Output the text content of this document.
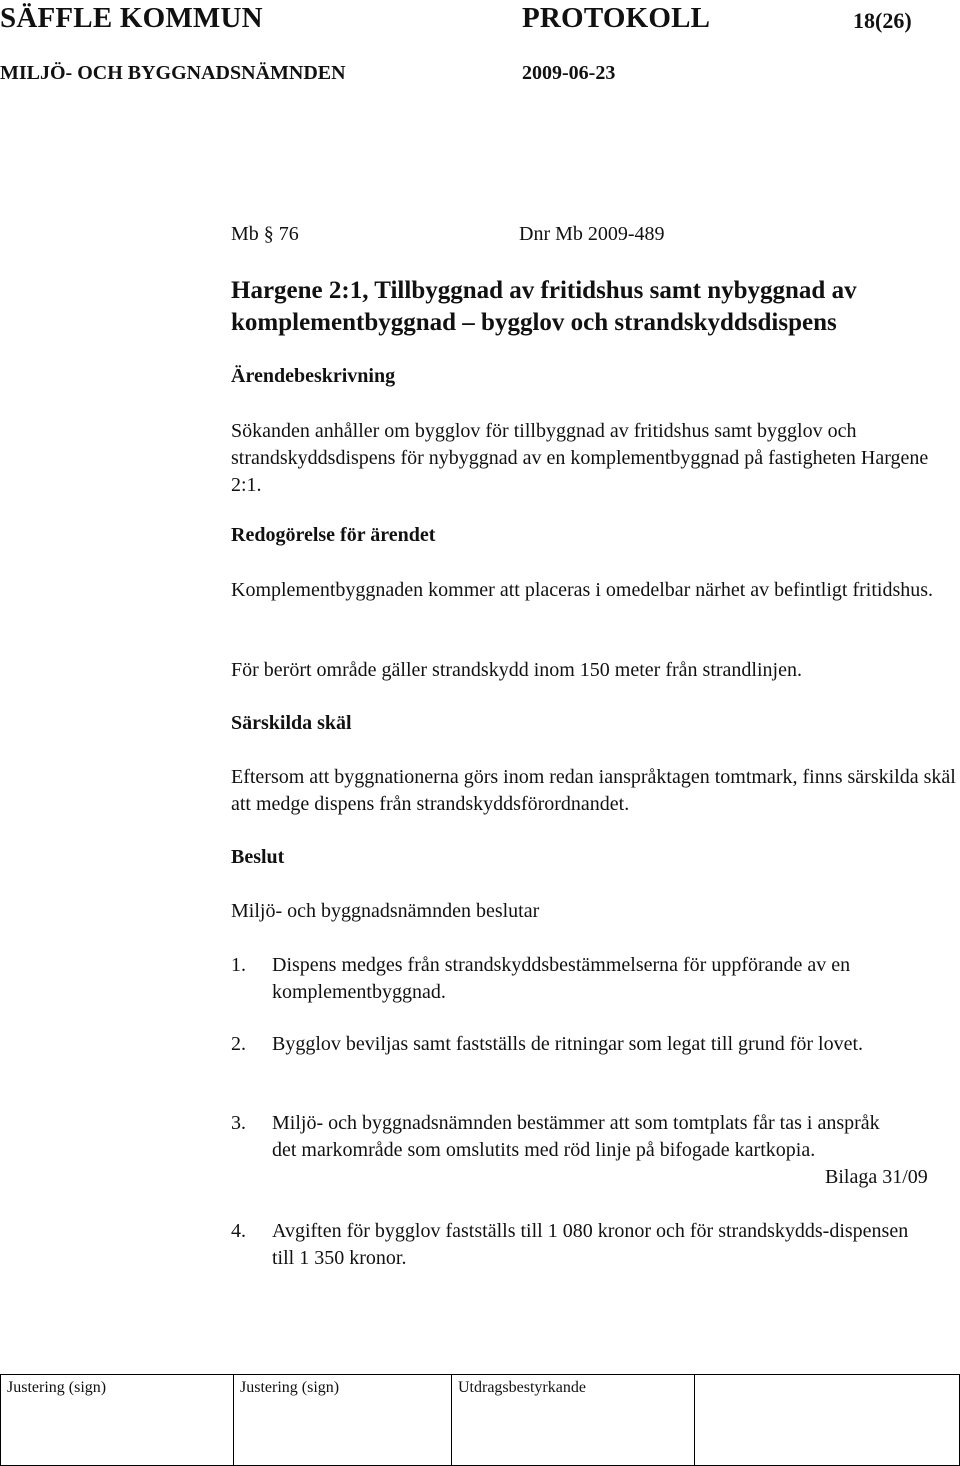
SÄFFLE KOMMUN	PROTOKOLL	18(26)
MILJÖ- OCH BYGGNADSNÄMNDEN	2009-06-23
Mb § 76	Dnr Mb 2009-489
Hargene 2:1, Tillbyggnad av fritidshus samt nybyggnad av
komplementbyggnad – bygglov och strandskyddsdispens
Ärendebeskrivning
Sökanden anhåller om bygglov för tillbyggnad av fritidshus samt bygglov och strandskyddsdispens för nybyggnad av en komplementbyggnad på fastigheten Hargene 2:1.
Redogörelse för ärendet
Komplementbyggnaden kommer att placeras i omedelbar närhet av befintligt fritidshus.
För berört område gäller strandskydd inom 150 meter från strandlinjen.
Särskilda skäl
Eftersom att byggnationerna görs inom redan ianspråktagen tomtmark, finns särskilda skäl att medge dispens från strandskyddsförordnandet.
Beslut
Miljö- och byggnadsnämnden beslutar
1. Dispens medges från strandskyddsbestämmelserna för uppförande av en komplementbyggnad.
2. Bygglov beviljas samt fastställs de ritningar som legat till grund för lovet.
3. Miljö- och byggnadsnämnden bestämmer att som tomtplats får tas i anspråk det markområde som omslutits med röd linje på bifogade kartkopia.
Bilaga 31/09
4. Avgiften för bygglov fastställs till 1 080 kronor och för strandskydds-dispensen till 1 350 kronor.
Justering (sign)	Justering (sign)	Utdragsbestyrkande	
